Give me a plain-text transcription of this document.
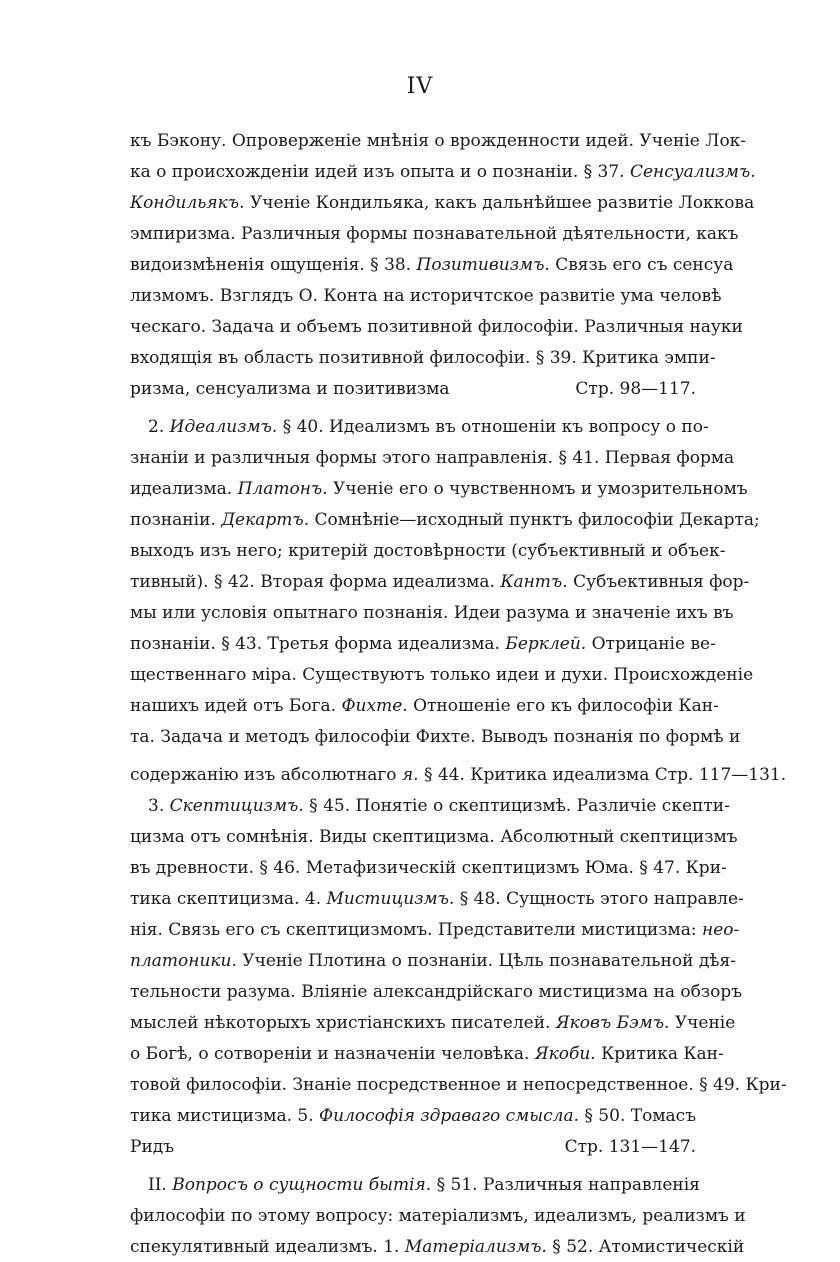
IV
къ Бэкону. Опроверженіе мнѣнія о врожденности идей. Ученіе Лок-
ка о происхожденіи идей изъ опыта и о познаніи. § 37. Сенсуализмъ.
Кондильякъ. Ученіе Кондильяка, какъ дальнѣйшее развитіе Локкова
эмпиризма. Различныя формы познавательной дѣятельности, какъ
видоизмѣненія ощущенія. § 38. Позитивизмъ. Связь его съ сенсуа
лизмомъ. Взглядъ О. Конта на историчтское развитіе ума человѣ
ческаго. Задача и объемъ позитивной философіи. Различныя науки
входящія въ область позитивной философіи. § 39. Критика эмпи-
ризма, сенсуализма и позитивизма	Стр. 98—117.
2. Идеализмъ. § 40. Идеализмъ въ отношеніи къ вопросу о по-
знаніи и различныя формы этого направленія. § 41. Первая форма
идеализма. Платонъ. Ученіе его о чувственномъ и умозрительномъ
познаніи. Декартъ. Сомнѣніе—исходный пунктъ философіи Декарта;
выходъ изъ него; критерій достовѣрности (субъективный и объек-
тивный). § 42. Вторая форма идеализма. Кантъ. Субъективныя фор-
мы или условія опытнаго познанія. Идеи разума и значеніе ихъ въ
познаніи. § 43. Третья форма идеализма. Берклей. Отрицаніе ве-
щественнаго міра. Существуютъ только идеи и духи. Происхожденіе
нашихъ идей отъ Бога. Фихте. Отношеніе его къ философіи Кан-
та. Задача и методъ философіи Фихте. Выводъ познанія по формѣ и
содержанію изъ абсолютнаго я. § 44. Критика идеализма Стр. 117—131.
3. Скептицизмъ. § 45. Понятіе о скептицизмѣ. Различіе скепти-
цизма отъ сомнѣнія. Виды скептицизма. Абсолютный скептицизмъ
въ древности. § 46. Метафизическій скептицизмъ Юма. § 47. Кри-
тика скептицизма. 4. Мистицизмъ. § 48. Сущность этого направле-
нія. Связь его съ скептицизмомъ. Представители мистицизма: нео-
платоники. Ученіе Плотина о познаніи. Цѣль познавательной дѣя-
тельности разума. Вліяніе александрійскаго мистицизма на обзоръ
мыслей нѣкоторыхъ христіанскихъ писателей. Яковъ Бэмъ. Ученіе
о Богѣ, о сотвореніи и назначеніи человѣка. Якоби. Критика Кан-
товой философіи. Знаніе посредственное и непосредственное. § 49. Кри-
тика мистицизма. 5. Философія здраваго смысла. § 50. Томасъ
Ридъ	Стр. 131—147.
II. Вопросъ о сущности бытія. § 51. Различныя направленія
философіи по этому вопросу: матеріализмъ, идеализмъ, реализмъ и
спекулятивный идеализмъ. 1. Матеріализмъ. § 52. Атомистическій
